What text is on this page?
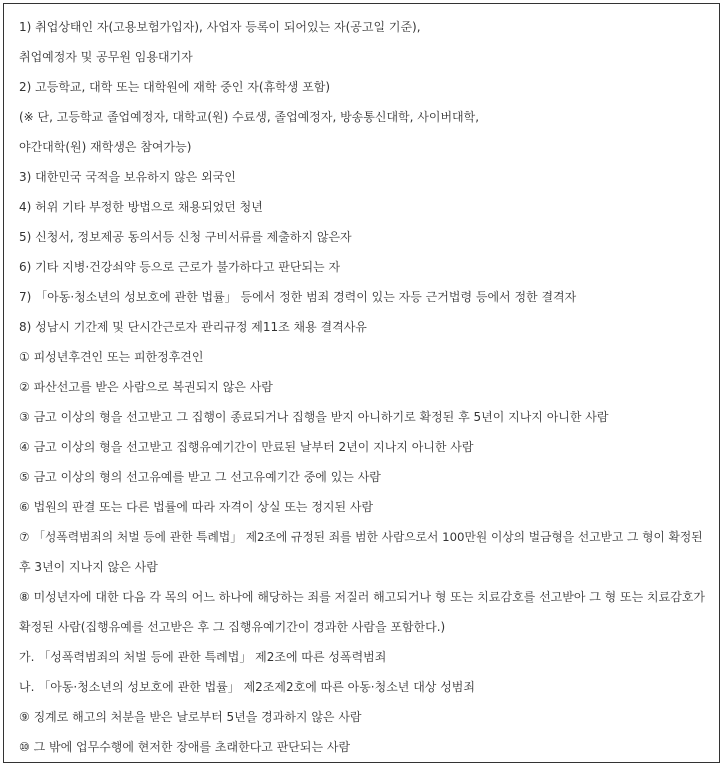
1) 취업상태인 자(고용보험가입자), 사업자 등록이 되어있는 자(공고일 기준),
취업예정자 및 공무원 임용대기자
2) 고등학교, 대학 또는 대학원에 재학 중인 자(휴학생 포함)
(※ 단, 고등학교 졸업예정자, 대학교(원) 수료생, 졸업예정자, 방송통신대학, 사이버대학,
야간대학(원) 재학생은 참여가능)
3) 대한민국 국적을 보유하지 않은 외국인
4) 허위 기타 부정한 방법으로 채용되었던 청년
5) 신청서, 정보제공 동의서등 신청 구비서류를 제출하지 않은자
6) 기타 지병·건강쇠약 등으로 근로가 불가하다고 판단되는 자
7) 「아동·청소년의 성보호에 관한 법률」 등에서 정한 범죄 경력이 있는 자등 근거법령 등에서 정한 결격자
8) 성남시 기간제 및 단시간근로자 관리규정 제11조 채용 결격사유
① 피성년후견인 또는 피한정후견인
② 파산선고를 받은 사람으로 복권되지 않은 사람
③ 금고 이상의 형을 선고받고 그 집행이 종료되거나 집행을 받지 아니하기로 확정된 후 5년이 지나지 아니한 사람
④ 금고 이상의 형을 선고받고 집행유예기간이 만료된 날부터 2년이 지나지 아니한 사람
⑤ 금고 이상의 형의 선고유예를 받고 그 선고유예기간 중에 있는 사람
⑥ 법원의 판결 또는 다른 법률에 따라 자격이 상실 또는 정지된 사람
⑦ 「성폭력범죄의 처벌 등에 관한 특례법」 제2조에 규정된 죄를 범한 사람으로서 100만원 이상의 벌금형을 선고받고 그 형이 확정된
후 3년이 지나지 않은 사람
⑧ 미성년자에 대한 다음 각 목의 어느 하나에 해당하는 죄를 저질러 해고되거나 형 또는 치료감호를 선고받아 그 형 또는 치료감호가
확정된 사람(집행유예를 선고받은 후 그 집행유예기간이 경과한 사람을 포함한다.)
가. 「성폭력범죄의 처벌 등에 관한 특례법」 제2조에 따른 성폭력범죄
나. 「아동·청소년의 성보호에 관한 법률」 제2조제2호에 따른 아동·청소년 대상 성범죄
⑨ 징계로 해고의 처분을 받은 날로부터 5년을 경과하지 않은 사람
⑩ 그 밖에 업무수행에 현저한 장애를 초래한다고 판단되는 사람
